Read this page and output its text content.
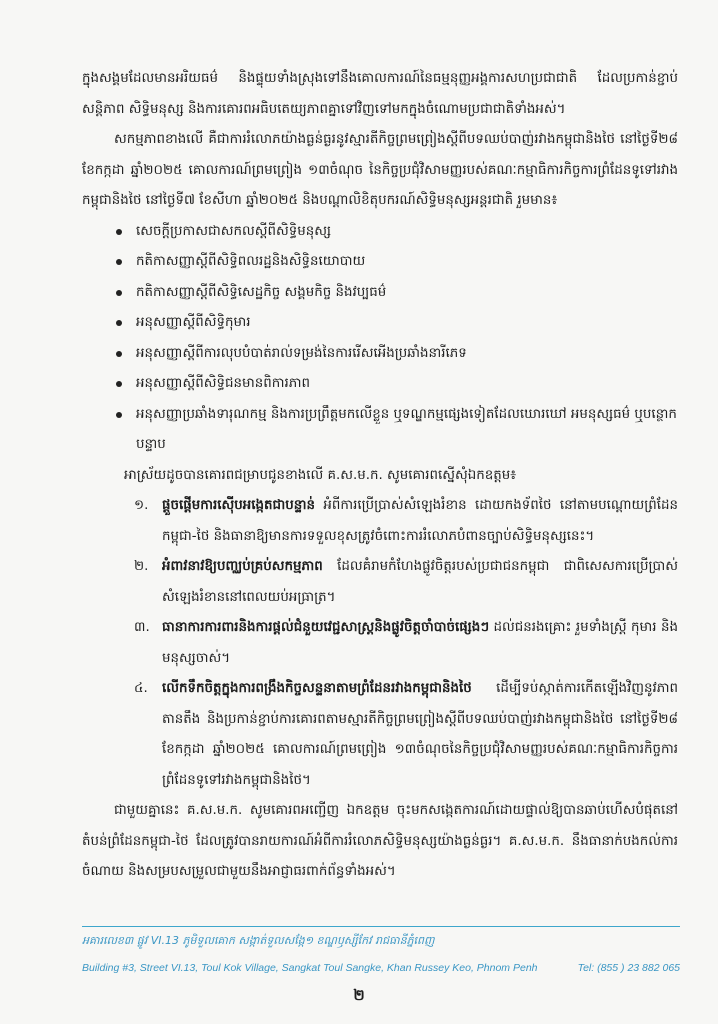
ក្នុងសង្គមដែលមានអរិយធម៌ និងផ្ទុយទាំងស្រុងទៅនឹងគោលការណ៍នៃធម្មនុញ្ញអង្គការសហប្រជាជាតិ ដែលប្រកាន់ខ្ជាប់សន្តិភាព សិទ្ធិមនុស្ស និងការគោរពអធិបតេយ្យភាពគ្នាទៅវិញទៅមកក្នុងចំណោមប្រជាជាតិទាំងអស់។

សកម្មភាពខាងលើ គឺជាការរំលោភយ៉ាងធ្ងន់ធ្ងរនូវស្មារតីកិច្ចព្រមព្រៀងស្តីពីបទឈប់បាញ់រវាងកម្ពុជានិងថៃ នៅថ្ងៃទី២៨ ខែកក្កដា ឆ្នាំ២០២៥ គោលការណ៍ព្រមព្រៀង ១៣ចំណុច នៃកិច្ចប្រជុំវិសាមញ្ញរបស់គណៈកម្មាធិការកិច្ចការព្រំដែនទូទៅរវាងកម្ពុជានិងថៃ នៅថ្ងៃទី៧ ខែសីហា ឆ្នាំ២០២៥ និងបណ្តាលិខិតុបករណ៍សិទ្ធិមនុស្សអន្តរជាតិ រួមមាន៖

សេចក្តីប្រកាសជាសកលស្តីពីសិទ្ធិមនុស្ស
កតិកាសញ្ញាស្តីពីសិទ្ធិពលរដ្ឋនិងសិទ្ធិនយោបាយ
កតិកាសញ្ញាស្តីពីសិទ្ធិសេដ្ឋកិច្ច សង្គមកិច្ច និងវប្បធម៌
អនុសញ្ញាស្តីពីសិទ្ធិកុមារ
អនុសញ្ញាស្តីពីការលុបបំបាត់រាល់ទម្រង់នៃការរើសអើងប្រឆាំងនារីភេទ
អនុសញ្ញាស្តីពីសិទ្ធិជនមានពិការភាព
អនុសញ្ញាប្រឆាំងទារុណកម្ម និងការប្រព្រឹត្តមកលើខ្លួន ឬទណ្ឌកម្មផ្សេងទៀតដែលឃោរឃៅ អមនុស្សធម៌ ឬបន្ថោកបន្ទាប

អាស្រ័យដូចបានគោរពជម្រាបជូនខាងលើ គ.ស.ម.ក. សូមគោរពស្នើសុំឯកឧត្តម៖

១. ផ្តួចផ្តើមការស៊ើបអង្កេតជាបន្ទាន់ អំពីការប្រើប្រាស់សំឡេងរំខាន ដោយកងទ័ពថៃ នៅតាមបណ្តោយព្រំដែនកម្ពុជា-ថៃ និងធានាឱ្យមានការទទួលខុសត្រូវចំពោះការរំលោភបំពានច្បាប់សិទ្ធិមនុស្សនេះ។
២. អំពាវនាវឱ្យបញ្ឈប់គ្រប់សកម្មភាព ដែលគំរាមកំហែងផ្លូវចិត្តរបស់ប្រជាជនកម្ពុជា ជាពិសេសការប្រើប្រាស់សំឡេងរំខាននៅពេលយប់អធ្រាត្រ។
៣. ធានាការការពារនិងការផ្តល់ជំនួយវេជ្ជសាស្ត្រនិងផ្លូវចិត្តចាំបាច់ផ្សេងៗ ដល់ជនរងគ្រោះ រួមទាំងស្ត្រី កុមារ និងមនុស្សចាស់។
៤. លើកទឹកចិត្តក្នុងការពង្រឹងកិច្ចសន្ទនាតាមព្រំដែនរវាងកម្ពុជានិងថៃ ដើម្បីទប់ស្កាត់ការកើតឡើងវិញនូវភាពតានតឹង និងប្រកាន់ខ្ជាប់ការគោរពតាមស្មារតីកិច្ចព្រមព្រៀងស្តីពីបទឈប់បាញ់រវាងកម្ពុជានិងថៃ នៅថ្ងៃទី២៨ ខែកក្កដា ឆ្នាំ២០២៥ គោលការណ៍ព្រមព្រៀង ១៣ចំណុចនៃកិច្ចប្រជុំវិសាមញ្ញរបស់គណៈកម្មាធិការកិច្ចការព្រំដែនទូទៅរវាងកម្ពុជានិងថៃ។

ជាមួយគ្នានេះ គ.ស.ម.ក. សូមគោរពអញ្ជើញ ឯកឧត្តម ចុះមកសង្កេតការណ៍ដោយផ្ទាល់ឱ្យបានឆាប់ហើសបំផុតនៅតំបន់ព្រំដែនកម្ពុជា-ថៃ ដែលត្រូវបានរាយការណ៍អំពីការរំលោភសិទ្ធិមនុស្សយ៉ាងធ្ងន់ធ្ងរ។ គ.ស.ម.ក. នឹងធានាក់បងកល់ការចំណាយ និងសម្របសម្រួលជាមួយនឹងអាជ្ញាធរពាក់ព័ន្ធទាំងអស់។

អគារលេខ៣ ផ្លូវ VI.13 ភូមិទួលគោក សង្កាត់ទួលសង្កែ១ ខណ្ឌឫស្សីកែវ រាជធានីភ្នំពេញ
Building #3, Street VI.13, Toul Kok Village, Sangkat Toul Sangke, Khan Russey Keo, Phnom Penh	Tel: (855 ) 23 882 065
២
